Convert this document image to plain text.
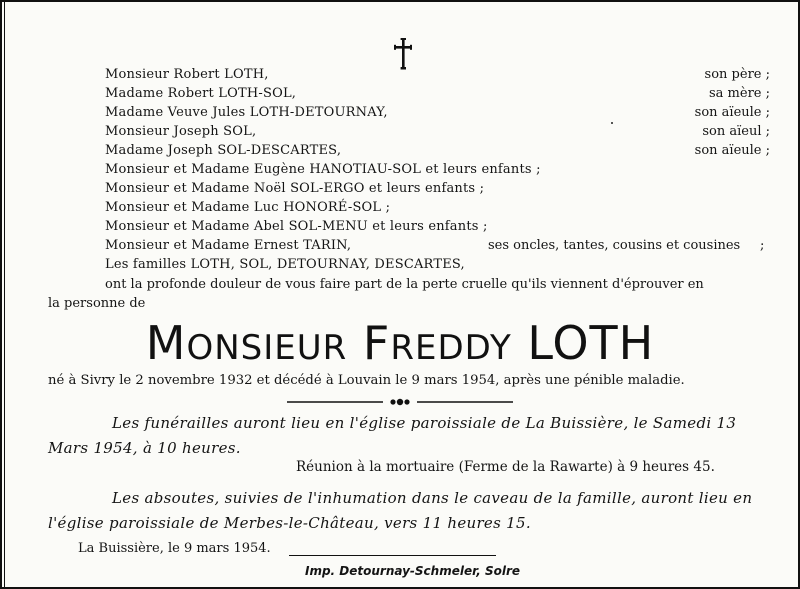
Monsieur Robert LOTH,	son père ;
Madame Robert LOTH-SOL,	sa mère ;
Madame Veuve Jules LOTH-DETOURNAY,	son aïeule ;
Monsieur Joseph SOL,	son aïeul ;
Madame Joseph SOL-DESCARTES,	son aïeule ;
Monsieur et Madame Eugène HANOTIAU-SOL et leurs enfants ;
Monsieur et Madame Noël SOL-ERGO et leurs enfants ;
Monsieur et Madame Luc HONORÉ-SOL ;
Monsieur et Madame Abel SOL-MENU et leurs enfants ;
Monsieur et Madame Ernest TARIN,	ses oncles, tantes, cousins et cousines ;
Les familles LOTH, SOL, DETOURNAY, DESCARTES,
ont la profonde douleur de vous faire part de la perte cruelle qu'ils viennent d'éprouver en
la personne de
MONSIEUR FREDDY LOTH
né à Sivry le 2 novembre 1932 et décédé à Louvain le 9 mars 1954, après une pénible maladie.
Les funérailles auront lieu en l'église paroissiale de La Buissière, le Samedi 13
Mars 1954, à 10 heures.
Réunion à la mortuaire (Ferme de la Rawarte) à 9 heures 45.
Les absoutes, suivies de l'inhumation dans le caveau de la famille, auront lieu en
l'église paroissiale de Merbes-le-Château, vers 11 heures 15.
La Buissière, le 9 mars 1954.
Imp. Detournay-Schmeler, Solre
